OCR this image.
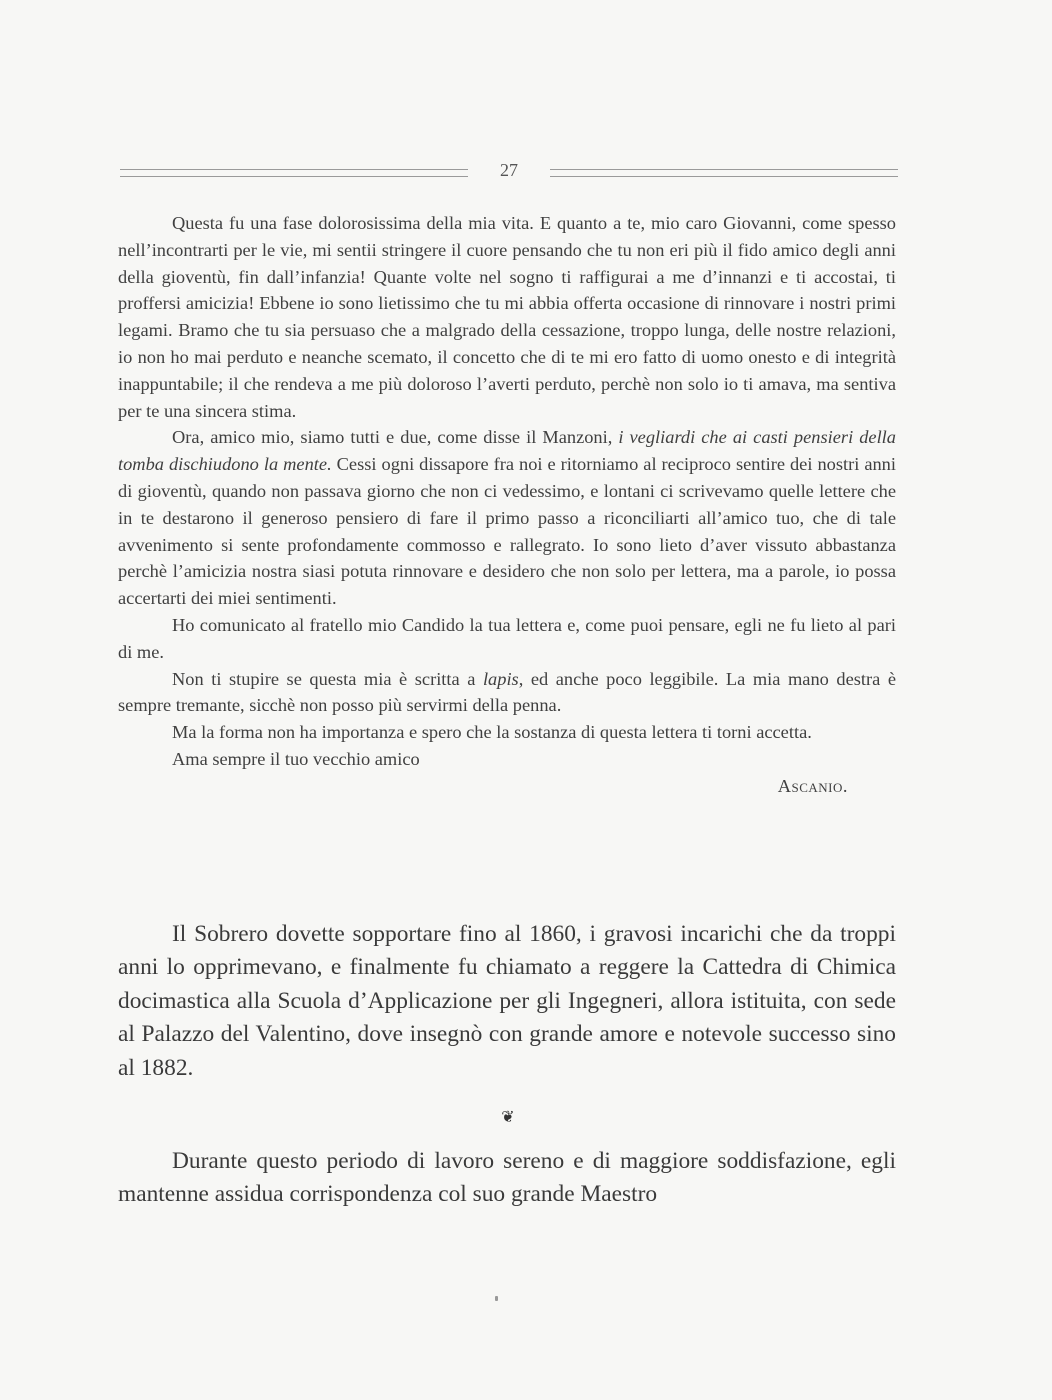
27

Questa fu una fase dolorosissima della mia vita. E quanto a te, mio caro Giovanni, come spesso nell’incontrarti per le vie, mi sentii stringere il cuore pensando che tu non eri più il fido amico degli anni della gioventù, fin dall’infanzia! Quante volte nel sogno ti raffigurai a me d’innanzi e ti accostai, ti proffersi amicizia! Ebbene io sono lietissimo che tu mi abbia offerta occasione di rinnovare i nostri primi legami. Bramo che tu sia persuaso che a malgrado della cessazione, troppo lunga, delle nostre relazioni, io non ho mai perduto e neanche scemato, il concetto che di te mi ero fatto di uomo onesto e di integrità inappuntabile; il che rendeva a me più doloroso l’averti perduto, perchè non solo io ti amava, ma sentiva per te una sincera stima.

Ora, amico mio, siamo tutti e due, come disse il Manzoni, i vegliardi che ai casti pensieri della tomba dischiudono la mente. Cessi ogni dissapore fra noi e ritorniamo al reciproco sentire dei nostri anni di gioventù, quando non passava giorno che non ci vedessimo, e lontani ci scrivevamo quelle lettere che in te destarono il generoso pensiero di fare il primo passo a riconciliarti all’amico tuo, che di tale avvenimento si sente profondamente commosso e rallegrato. Io sono lieto d’aver vissuto abbastanza perchè l’amicizia nostra siasi potuta rinnovare e desidero che non solo per lettera, ma a parole, io possa accertarti dei miei sentimenti.

Ho comunicato al fratello mio Candido la tua lettera e, come puoi pensare, egli ne fu lieto al pari di me.

Non ti stupire se questa mia è scritta a lapis, ed anche poco leggibile. La mia mano destra è sempre tremante, sicchè non posso più servirmi della penna.

Ma la forma non ha importanza e spero che la sostanza di questa lettera ti torni accetta.

Ama sempre il tuo vecchio amico

Ascanio.

Il Sobrero dovette sopportare fino al 1860, i gravosi incarichi che da troppi anni lo opprimevano, e finalmente fu chiamato a reggere la Cattedra di Chimica docimastica alla Scuola d’Applicazione per gli Ingegneri, allora istituita, con sede al Palazzo del Valentino, dove insegnò con grande amore e notevole successo sino al 1882.

❦

Durante questo periodo di lavoro sereno e di maggiore soddisfazione, egli mantenne assidua corrispondenza col suo grande Maestro
